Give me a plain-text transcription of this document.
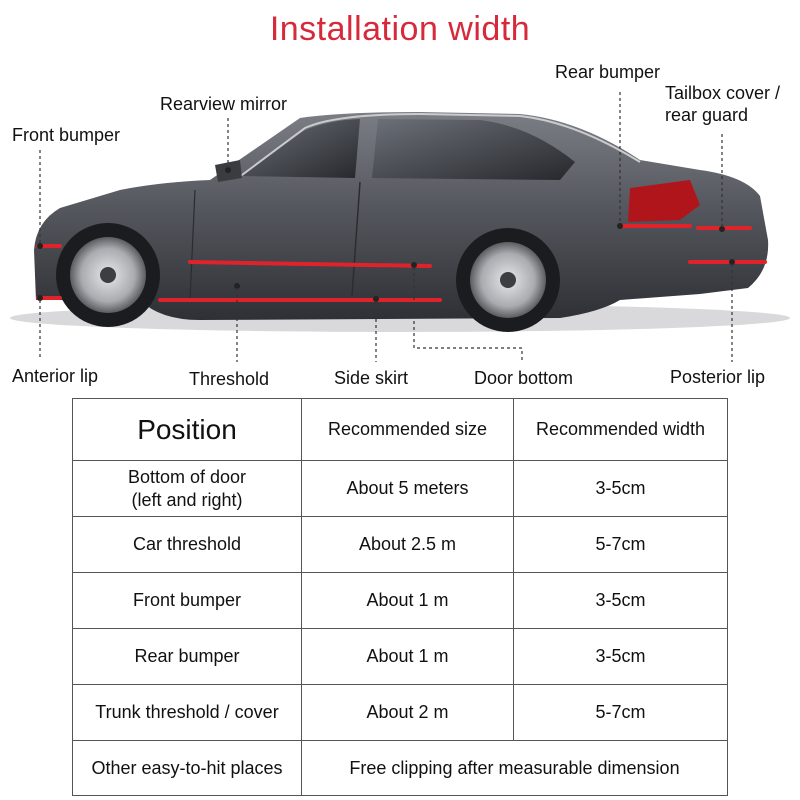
Installation width
Front bumper
Rearview mirror
Rear bumper
Tailbox cover /
rear guard
Anterior lip	Threshold	Side skirt	Door bottom	Posterior lip
Position	Recommended size	Recommended width

Bottom of door
(left and right)	About 5 meters	3-5cm
Car threshold	About 2.5 m	5-7cm
Front bumper	About 1 m	3-5cm
Rear bumper	About 1 m	3-5cm
Trunk threshold / cover	About 2 m	5-7cm
Other easy-to-hit places	Free clipping after measurable dimension	
